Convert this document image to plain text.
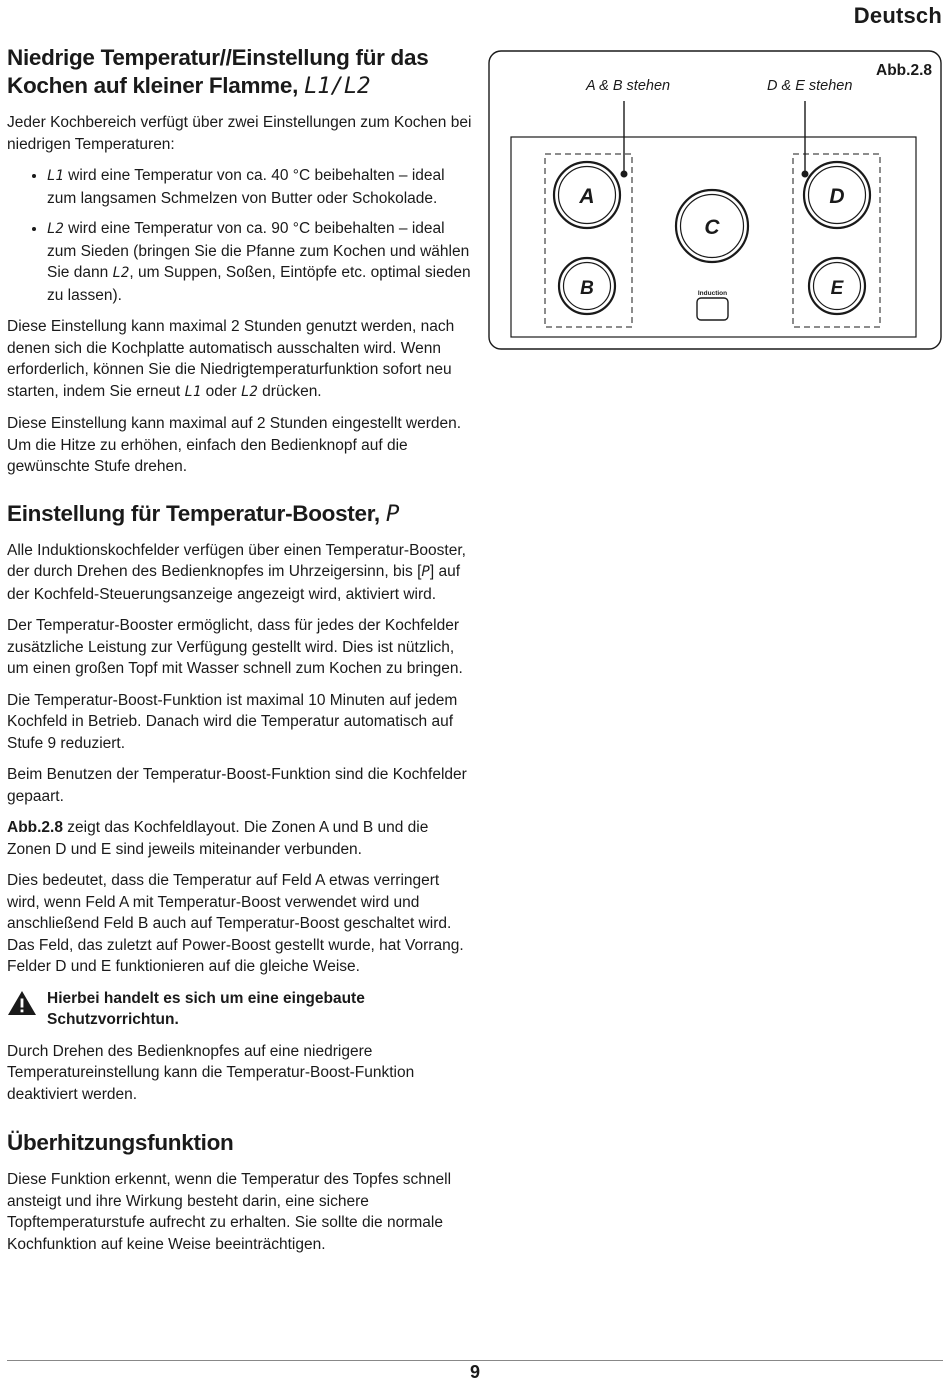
Deutsch
Niedrige Temperatur//Einstellung für das Kochen auf kleiner Flamme, L1/L2

Jeder Kochbereich verfügt über zwei Einstellungen zum Kochen bei niedrigen Temperaturen:

• L1 wird eine Temperatur von ca. 40 °C beibehalten – ideal zum langsamen Schmelzen von Butter oder Schokolade.
• L2 wird eine Temperatur von ca. 90 °C beibehalten – ideal zum Sieden (bringen Sie die Pfanne zum Kochen und wählen Sie dann L2, um Suppen, Soßen, Eintöpfe etc. optimal sieden zu lassen).

Diese Einstellung kann maximal 2 Stunden genutzt werden, nach denen sich die Kochplatte automatisch ausschalten wird. Wenn erforderlich, können Sie die Niedrigtemperaturfunktion sofort neu starten, indem Sie erneut L1 oder L2 drücken.

Diese Einstellung kann maximal auf 2 Stunden eingestellt werden. Um die Hitze zu erhöhen, einfach den Bedienknopf auf die gewünschte Stufe drehen.

Einstellung für Temperatur-Booster, P

Alle Induktionskochfelder verfügen über einen Temperatur-Booster, der durch Drehen des Bedienknopfes im Uhrzeigersinn, bis [P] auf der Kochfeld-Steuerungsanzeige angezeigt wird, aktiviert wird.

Der Temperatur-Booster ermöglicht, dass für jedes der Kochfelder zusätzliche Leistung zur Verfügung gestellt wird. Dies ist nützlich, um einen großen Topf mit Wasser schnell zum Kochen zu bringen.

Die Temperatur-Boost-Funktion ist maximal 10 Minuten auf jedem Kochfeld in Betrieb. Danach wird die Temperatur automatisch auf Stufe 9 reduziert.

Beim Benutzen der Temperatur-Boost-Funktion sind die Kochfelder gepaart.

Abb.2.8 zeigt das Kochfeldlayout. Die Zonen A und B und die Zonen D und E sind jeweils miteinander verbunden.

Dies bedeutet, dass die Temperatur auf Feld A etwas verringert wird, wenn Feld A mit Temperatur-Boost verwendet wird und anschließend Feld B auch auf Temperatur-Boost geschaltet wird. Das Feld, das zuletzt auf Power-Boost gestellt wurde, hat Vorrang. Felder D und E funktionieren auf die gleiche Weise.

Hierbei handelt es sich um eine eingebaute Schutzvorrichtun.

Durch Drehen des Bedienknopfes auf eine niedrigere Temperatureinstellung kann die Temperatur-Boost-Funktion deaktiviert werden.

Überhitzungsfunktion

Diese Funktion erkennt, wenn die Temperatur des Topfes schnell ansteigt und ihre Wirkung besteht darin, eine sichere Topftemperaturstufe aufrecht zu erhalten. Sie sollte die normale Kochfunktion auf keine Weise beeinträchtigen.

A
B
C
D
E
Induction
A & B stehen	D & E stehen
Abb.2.8
9
